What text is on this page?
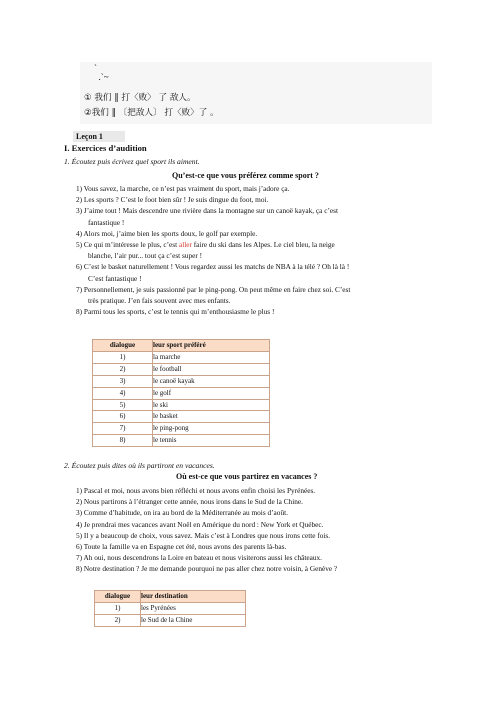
`
.`~
① 我们 ‖ 打〈败〉 了 敌人。
②我们 ‖ 〔把敌人〕 打〈败〉了 。
Leçon 1
I. Exercices d’audition
1. Écoutez puis écrivez quel sport ils aiment.
Qu’est-ce que vous préférez comme sport ?
1) Vous savez, la marche, ce n’est pas vraiment du sport, mais j’adore ça.
2) Les sports ? C’est le foot bien sûr ! Je suis dingue du foot, moi.
3) J’aime tout ! Mais descendre une rivière dans la montagne sur un canoë kayak, ça c’est
fantastique !
4) Alors moi, j’aime bien les sports doux, le golf par exemple.
5) Ce qui m’intéresse le plus, c’est aller faire du ski dans les Alpes. Le ciel bleu, la neige
blanche, l’air pur... tout ça c’est super !
6) C’est le basket naturellement ! Vous regardez aussi les matchs de NBA à la télé ? Oh là là !
C’est fantastique !
7) Personnellement, je suis passionné par le ping-pong. On peut même en faire chez soi. C’est
très pratique. J’en fais souvent avec mes enfants.
8) Parmi tous les sports, c’est le tennis qui m’enthousiasme le plus !
dialogue	leur sport préféré
1)	la marche
2)	le football
3)	le canoë kayak
4)	le golf
5)	le ski
6)	le basket
7)	le ping-pong
8)	le tennis
2. Écoutez puis dites où ils partiront en vacances.
Où est-ce que vous partirez en vacances ?
1) Pascal et moi, nous avons bien réfléchi et nous avons enfin choisi les Pyrénées.
2) Nous partirons à l’étranger cette année, nous irons dans le Sud de la Chine.
3) Comme d’habitude, on ira au bord de la Méditerranée au mois d’août.
4) Je prendrai mes vacances avant Noël en Amérique du nord : New York et Québec.
5) Il y a beaucoup de choix, vous savez. Mais c’est à Londres que nous irons cette fois.
6) Toute la famille va en Espagne cet été, nous avons des parents là-bas.
7) Ah oui, nous descendrons la Loire en bateau et nous visiterons aussi les châteaux.
8) Notre destination ? Je me demande pourquoi ne pas aller chez notre voisin, à Genève ?
dialogue	leur destination
1)	les Pyrénées
2)	le Sud de la Chine
